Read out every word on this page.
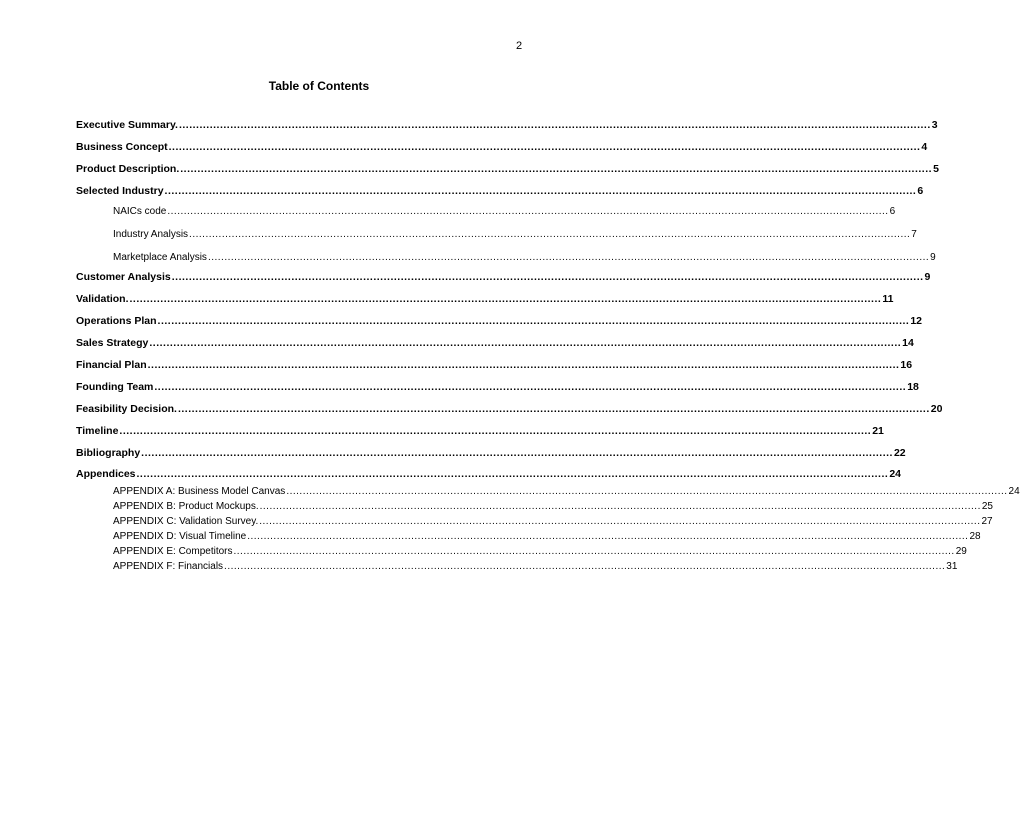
2
Table of Contents
Executive Summary. ............................................................................................................................................................................................................................ 3
Business Concept ............................................................................................................................................................................................................................ 4
Product Description. ............................................................................................................................................................................................................................ 5
Selected Industry ............................................................................................................................................................................................................................ 6
NAICs code ............................................................................................................................................................................................................................ 6
Industry Analysis ............................................................................................................................................................................................................................ 7
Marketplace Analysis ............................................................................................................................................................................................................................ 9
Customer Analysis ............................................................................................................................................................................................................................ 9
Validation. ............................................................................................................................................................................................................................ 11
Operations Plan ............................................................................................................................................................................................................................ 12
Sales Strategy ............................................................................................................................................................................................................................ 14
Financial Plan ............................................................................................................................................................................................................................ 16
Founding Team ............................................................................................................................................................................................................................ 18
Feasibility Decision. ............................................................................................................................................................................................................................ 20
Timeline ............................................................................................................................................................................................................................ 21
Bibliography ............................................................................................................................................................................................................................ 22
Appendices ............................................................................................................................................................................................................................ 24
APPENDIX A: Business Model Canvas ............................................................................................................................................................................................................................ 24
APPENDIX B: Product Mockups. ............................................................................................................................................................................................................................ 25
APPENDIX C: Validation Survey. ............................................................................................................................................................................................................................ 27
APPENDIX D: Visual Timeline ............................................................................................................................................................................................................................ 28
APPENDIX E: Competitors ............................................................................................................................................................................................................................ 29
APPENDIX F: Financials ............................................................................................................................................................................................................................ 31
